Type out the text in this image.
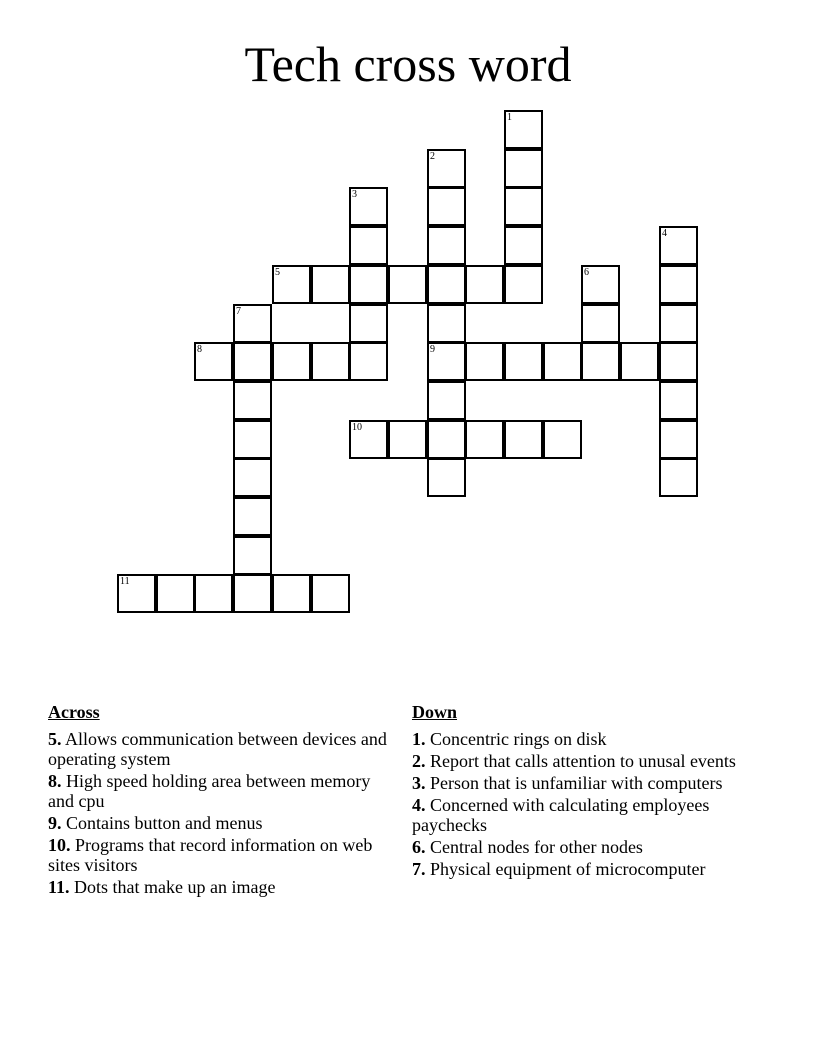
Tech cross word
1
2
9
3
4
5	6
7
8
10
11
Across
5. Allows communication between devices and operating system
8. High speed holding area between memory and cpu
9. Contains button and menus
10. Programs that record information on web sites visitors
11. Dots that make up an image
Down
1. Concentric rings on disk
2. Report that calls attention to unusal events
3. Person that is unfamiliar with computers
4. Concerned with calculating employees paychecks
6. Central nodes for other nodes
7. Physical equipment of microcomputer
